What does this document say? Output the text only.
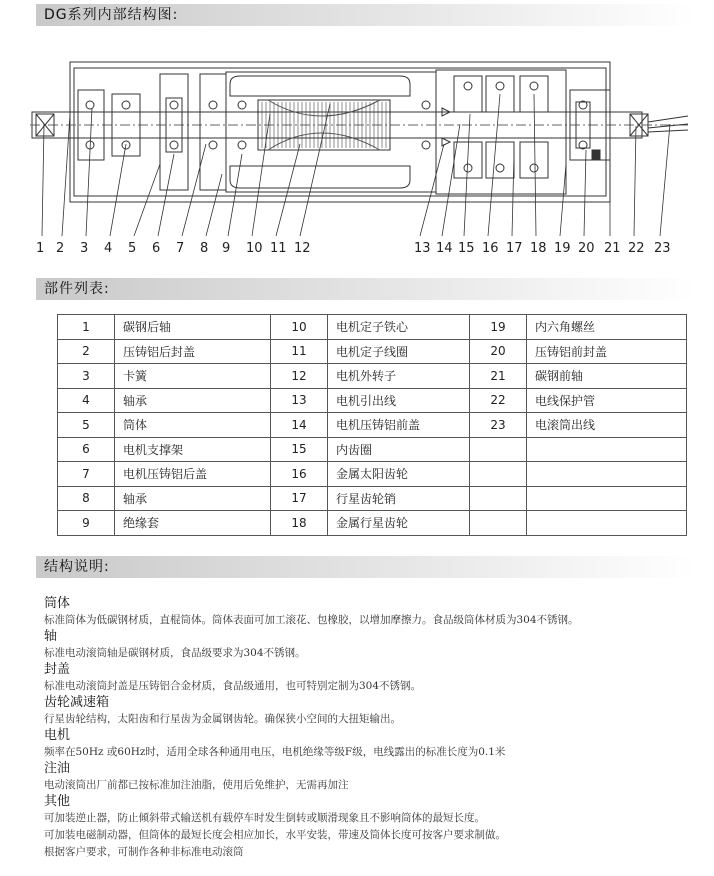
DG系列内部结构图:
1 2 3 4 5 6 7 8 9 10 11 12	13 14 15 16 17 18 19 20 21 22 23
部件列表:
1	碳钢后轴	10	电机定子铁心	19	内六角螺丝
2	压铸铝后封盖	11	电机定子线圈	20	压铸铝前封盖
3	卡簧	12	电机外转子	21	碳钢前轴
4	轴承	13	电机引出线	22	电线保护管
5	筒体	14	电机压铸铝前盖	23	电滚筒出线
6	电机支撑架	15	内齿圈		
7	电机压铸铝后盖	16	金属太阳齿轮		
8	轴承	17	行星齿轮销		
9	绝缘套	18	金属行星齿轮		
结构说明:
筒体
标准筒体为低碳钢材质，直棍筒体。筒体表面可加工滚花、包橡胶，以增加摩擦力。食品级筒体材质为304不锈钢。
轴
标准电动滚筒轴是碳钢材质，食品级要求为304不锈钢。
封盖
标准电动滚筒封盖是压铸铝合金材质，食品级通用，也可特别定制为304不锈钢。
齿轮减速箱
行星齿轮结构，太阳齿和行星齿为金属钢齿轮。确保狭小空间的大扭矩输出。
电机
频率在50Hz 或60Hz时，适用全球各种通用电压，电机绝缘等级F级，电线露出的标准长度为0.1米
注油
电动滚筒出厂前都已按标准加注油脂，使用后免维护，无需再加注
其他
可加装逆止器，防止倾斜带式输送机有载停车时发生倒转或顺滑现象且不影响筒体的最短长度。
可加装电磁制动器，但筒体的最短长度会相应加长，水平安装，带速及筒体长度可按客户要求制做。
根据客户要求，可制作各种非标准电动滚筒
